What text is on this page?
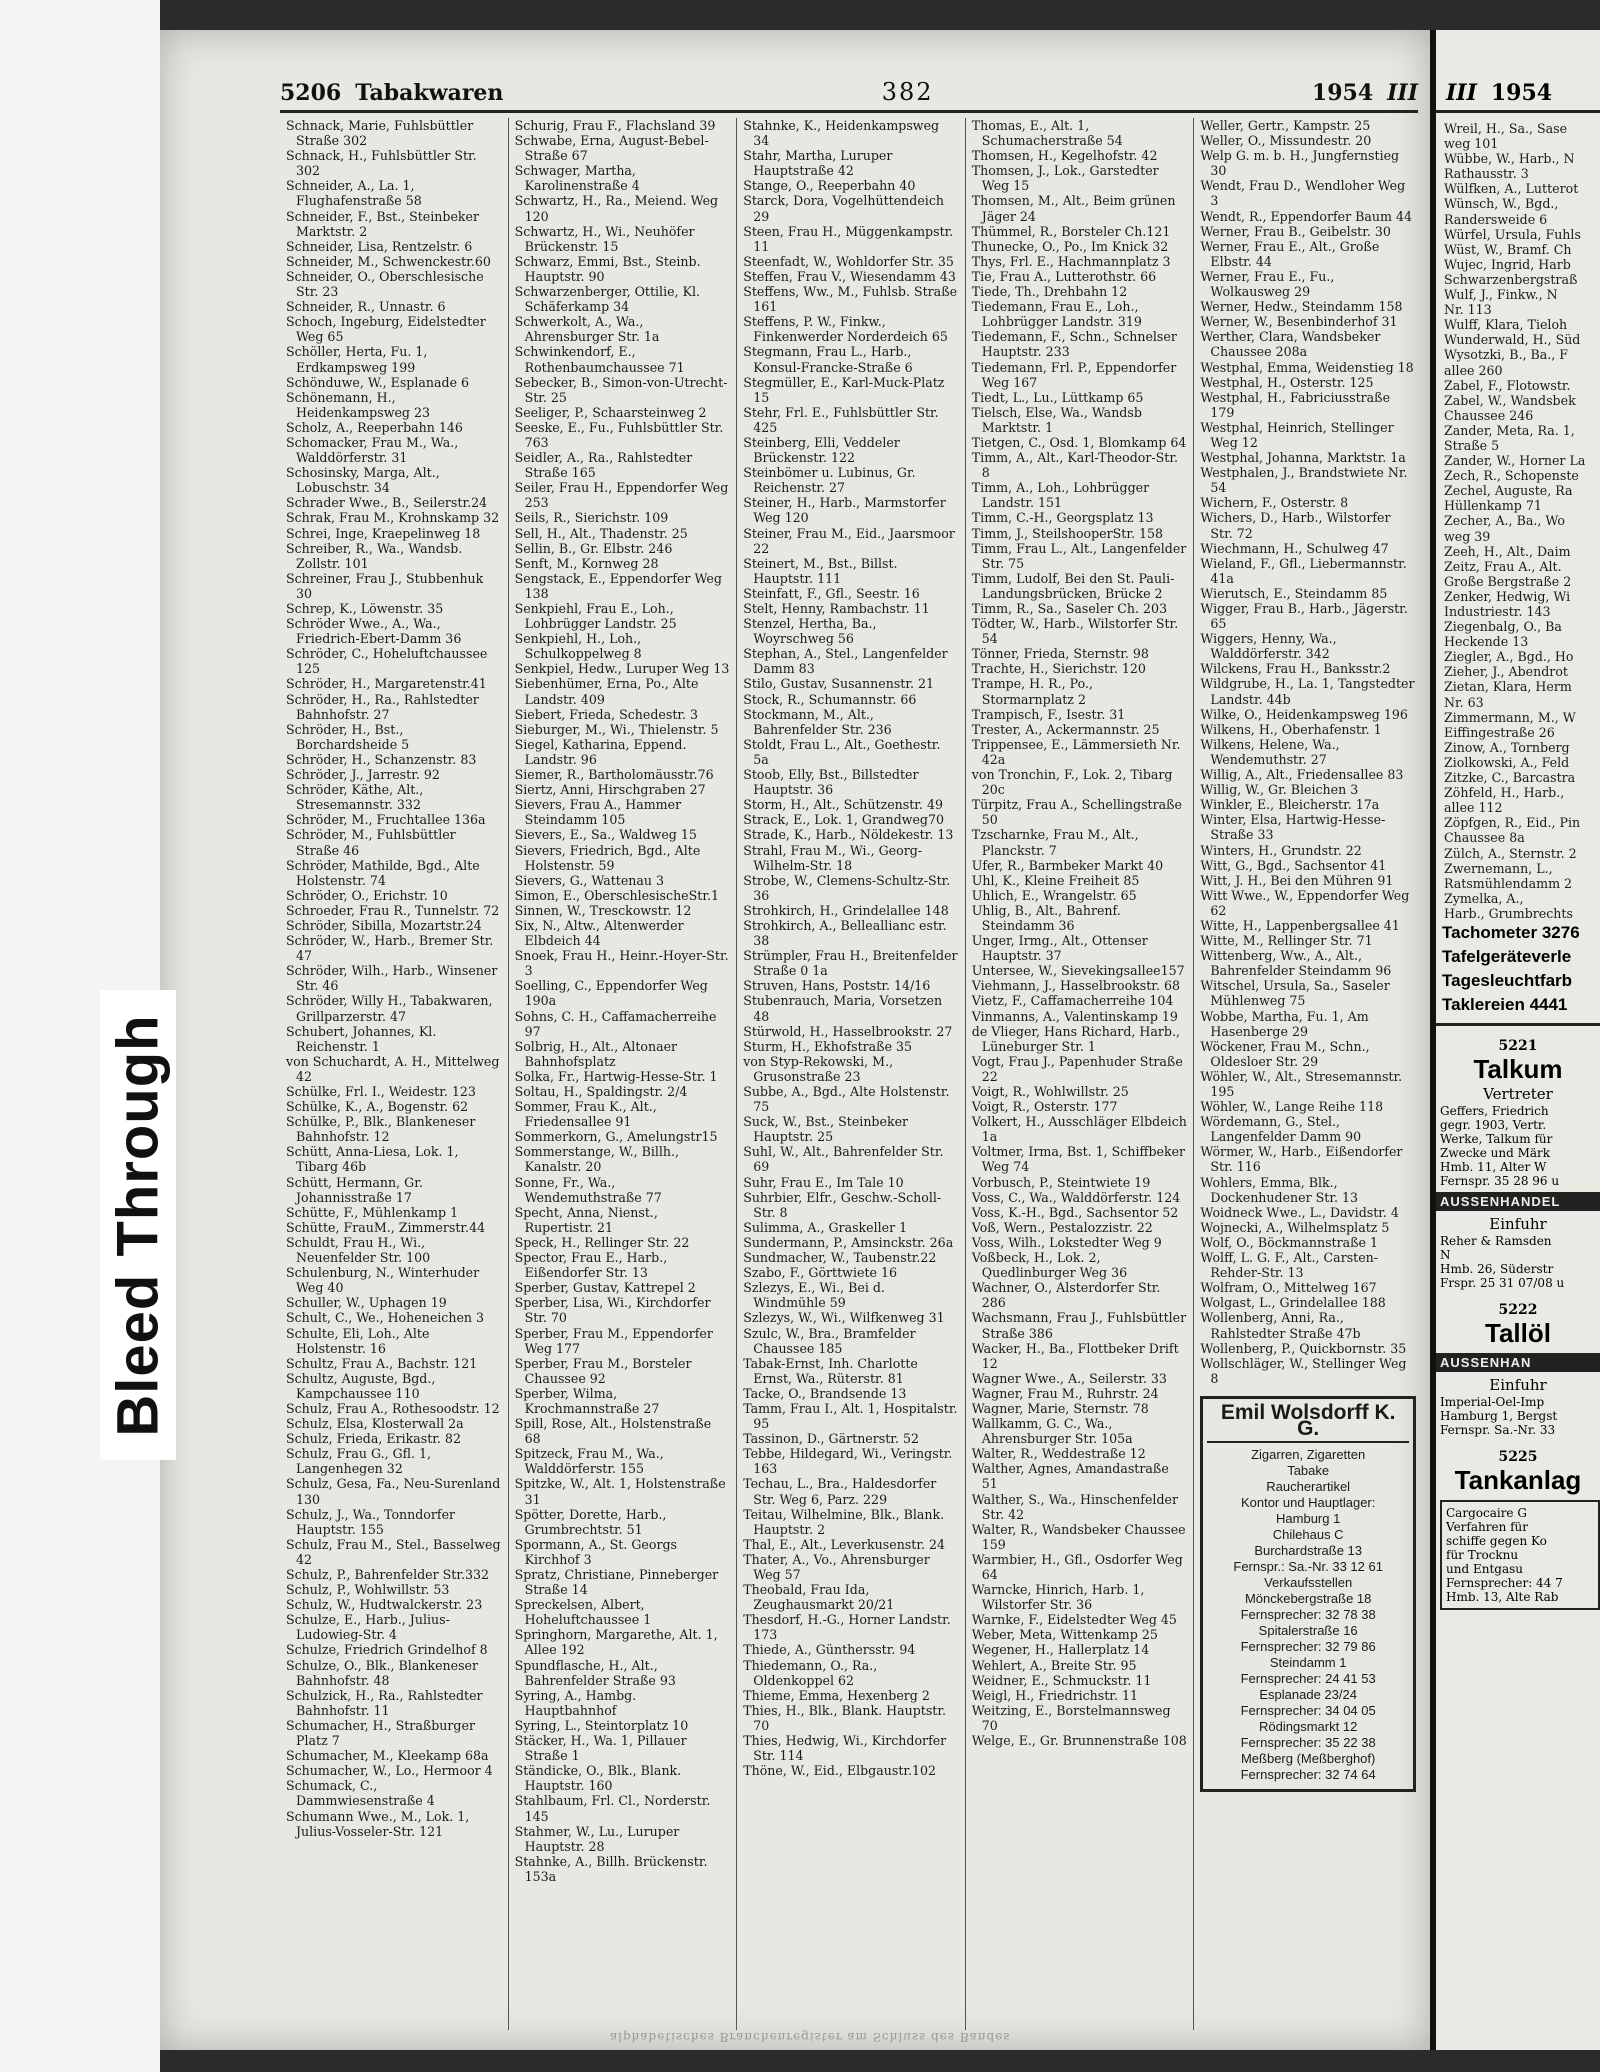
5206 Tabakwaren	382	1954 III
Schnack, Marie, Fuhlsbüttler Straße 302
Schnack, H., Fuhlsbüttler Str. 302
Schneider, A., La. 1, Flughafenstraße 58
Schneider, F., Bst., Steinbeker Marktstr. 2
Schneider, Lisa, Rentzelstr. 6
Schneider, M., Schwenckestr.60
Schneider, O., Oberschlesische Str. 23
Schneider, R., Unnastr. 6
Schoch, Ingeburg, Eidelstedter Weg 65
Schöller, Herta, Fu. 1, Erdkampsweg 199
Schönduwe, W., Esplanade 6
Schönemann, H., Heidenkampsweg 23
Scholz, A., Reeperbahn 146
Schomacker, Frau M., Wa., Walddörferstr. 31
Schosinsky, Marga, Alt., Lobuschstr. 34
Schrader Wwe., B., Seilerstr.24
Schrak, Frau M., Krohnskamp 32
Schrei, Inge, Kraepelinweg 18
Schreiber, R., Wa., Wandsb. Zollstr. 101
Schreiner, Frau J., Stubbenhuk 30
Schrep, K., Löwenstr. 35
Schröder Wwe., A., Wa., Friedrich-Ebert-Damm 36
Schröder, C., Hoheluftchaussee 125
Schröder, H., Margaretenstr.41
Schröder, H., Ra., Rahlstedter Bahnhofstr. 27
Schröder, H., Bst., Borchardsheide 5
Schröder, H., Schanzenstr. 83
Schröder, J., Jarrestr. 92
Schröder, Käthe, Alt., Stresemannstr. 332
Schröder, M., Fruchtallee 136a
Schröder, M., Fuhlsbüttler Straße 46
Schröder, Mathilde, Bgd., Alte Holstenstr. 74
Schröder, O., Erichstr. 10
Schroeder, Frau R., Tunnelstr. 72
Schröder, Sibilla, Mozartstr.24
Schröder, W., Harb., Bremer Str. 47
Schröder, Wilh., Harb., Winsener Str. 46
Schröder, Willy H., Tabakwaren, Grillparzerstr. 47
Schubert, Johannes, Kl. Reichenstr. 1
von Schuchardt, A. H., Mittelweg 42
Schülke, Frl. I., Weidestr. 123
Schülke, K., A., Bogenstr. 62
Schülke, P., Blk., Blankeneser Bahnhofstr. 12
Schütt, Anna-Liesa, Lok. 1, Tibarg 46b
Schütt, Hermann, Gr. Johannisstraße 17
Schütte, F., Mühlenkamp 1
Schütte, FrauM., Zimmerstr.44
Schuldt, Frau H., Wi., Neuenfelder Str. 100
Schulenburg, N., Winterhuder Weg 40
Schuller, W., Uphagen 19
Schult, C., We., Hoheneichen 3
Schulte, Eli, Loh., Alte Holstenstr. 16
Schultz, Frau A., Bachstr. 121
Schultz, Auguste, Bgd., Kampchaussee 110
Schulz, Frau A., Rothesoodstr. 12
Schulz, Elsa, Klosterwall 2a
Schulz, Frieda, Erikastr. 82
Schulz, Frau G., Gfl. 1, Langenhegen 32
Schulz, Gesa, Fa., Neu-Surenland 130
Schulz, J., Wa., Tonndorfer Hauptstr. 155
Schulz, Frau M., Stel., Basselweg 42
Schulz, P., Bahrenfelder Str.332
Schulz, P., Wohlwillstr. 53
Schulz, W., Hudtwalckerstr. 23
Schulze, E., Harb., Julius-Ludowieg-Str. 4
Schulze, Friedrich Grindelhof 8
Schulze, O., Blk., Blankeneser Bahnhofstr. 48
Schulzick, H., Ra., Rahlstedter Bahnhofstr. 11
Schumacher, H., Straßburger Platz 7
Schumacher, M., Kleekamp 68a
Schumacher, W., Lo., Hermoor 4
Schumack, C., Dammwiesenstraße 4
Schumann Wwe., M., Lok. 1, Julius-Vosseler-Str. 121
Schurig, Frau F., Flachsland 39
Schwabe, Erna, August-Bebel-Straße 67
Schwager, Martha, Karolinenstraße 4
Schwartz, H., Ra., Meiend. Weg 120
Schwartz, H., Wi., Neuhöfer Brückenstr. 15
Schwarz, Emmi, Bst., Steinb. Hauptstr. 90
Schwarzenberger, Ottilie, Kl. Schäferkamp 34
Schwerkolt, A., Wa., Ahrensburger Str. 1a
Schwinkendorf, E., Rothenbaumchaussee 71
Sebecker, B., Simon-von-Utrecht-Str. 25
Seeliger, P., Schaarsteinweg 2
Seeske, E., Fu., Fuhlsbüttler Str. 763
Seidler, A., Ra., Rahlstedter Straße 165
Seiler, Frau H., Eppendorfer Weg 253
Seils, R., Sierichstr. 109
Sell, H., Alt., Thadenstr. 25
Sellin, B., Gr. Elbstr. 246
Senft, M., Kornweg 28
Sengstack, E., Eppendorfer Weg 138
Senkpiehl, Frau E., Loh., Lohbrügger Landstr. 25
Senkpiehl, H., Loh., Schulkoppelweg 8
Senkpiel, Hedw., Luruper Weg 13
Siebenhümer, Erna, Po., Alte Landstr. 409
Siebert, Frieda, Schedestr. 3
Sieburger, M., Wi., Thielenstr. 5
Siegel, Katharina, Eppend. Landstr. 96
Siemer, R., Bartholomäusstr.76
Siertz, Anni, Hirschgraben 27
Sievers, Frau A., Hammer Steindamm 105
Sievers, E., Sa., Waldweg 15
Sievers, Friedrich, Bgd., Alte Holstenstr. 59
Sievers, G., Wattenau 3
Simon, E., OberschlesischeStr.1
Sinnen, W., Tresckowstr. 12
Six, N., Altw., Altenwerder Elbdeich 44
Snoek, Frau H., Heinr.-Hoyer-Str. 3
Soelling, C., Eppendorfer Weg 190a
Sohns, C. H., Caffamacherreihe 97
Solbrig, H., Alt., Altonaer Bahnhofsplatz
Solka, Fr., Hartwig-Hesse-Str. 1
Soltau, H., Spaldingstr. 2/4
Sommer, Frau K., Alt., Friedensallee 91
Sommerkorn, G., Amelungstr15
Sommerstange, W., Billh., Kanalstr. 20
Sonne, Fr., Wa., Wendemuthstraße 77
Specht, Anna, Nienst., Rupertistr. 21
Speck, H., Rellinger Str. 22
Spector, Frau E., Harb., Eißendorfer Str. 13
Sperber, Gustav, Kattrepel 2
Sperber, Lisa, Wi., Kirchdorfer Str. 70
Sperber, Frau M., Eppendorfer Weg 177
Sperber, Frau M., Borsteler Chaussee 92
Sperber, Wilma, Krochmannstraße 27
Spill, Rose, Alt., Holstenstraße 68
Spitzeck, Frau M., Wa., Walddörferstr. 155
Spitzke, W., Alt. 1, Holstenstraße 31
Spötter, Dorette, Harb., Grumbrechtstr. 51
Spormann, A., St. Georgs Kirchhof 3
Spratz, Christiane, Pinneberger Straße 14
Spreckelsen, Albert, Hoheluftchaussee 1
Springhorn, Margarethe, Alt. 1, Allee 192
Spundflasche, H., Alt., Bahrenfelder Straße 93
Syring, A., Hambg. Hauptbahnhof
Syring, L., Steintorplatz 10
Stäcker, H., Wa. 1, Pillauer Straße 1
Ständicke, O., Blk., Blank. Hauptstr. 160
Stahlbaum, Frl. Cl., Norderstr. 145
Stahmer, W., Lu., Luruper Hauptstr. 28
Stahnke, A., Billh. Brückenstr. 153a
Stahnke, K., Heidenkampsweg 34
Stahr, Martha, Luruper Hauptstraße 42
Stange, O., Reeperbahn 40
Starck, Dora, Vogelhüttendeich 29
Steen, Frau H., Müggenkampstr. 11
Steenfadt, W., Wohldorfer Str. 35
Steffen, Frau V., Wiesendamm 43
Steffens, Ww., M., Fuhlsb. Straße 161
Steffens, P. W., Finkw., Finkenwerder Norderdeich 65
Stegmann, Frau L., Harb., Konsul-Francke-Straße 6
Stegmüller, E., Karl-Muck-Platz 15
Stehr, Frl. E., Fuhlsbüttler Str. 425
Steinberg, Elli, Veddeler Brückenstr. 122
Steinbömer u. Lubinus, Gr. Reichenstr. 27
Steiner, H., Harb., Marmstorfer Weg 120
Steiner, Frau M., Eid., Jaarsmoor 22
Steinert, M., Bst., Billst. Hauptstr. 111
Steinfatt, F., Gfl., Seestr. 16
Stelt, Henny, Rambachstr. 11
Stenzel, Hertha, Ba., Woyrschweg 56
Stephan, A., Stel., Langenfelder Damm 83
Stilo, Gustav, Susannenstr. 21
Stock, R., Schumannstr. 66
Stockmann, M., Alt., Bahrenfelder Str. 236
Stoldt, Frau L., Alt., Goethestr. 5a
Stoob, Elly, Bst., Billstedter Hauptstr. 36
Storm, H., Alt., Schützenstr. 49
Strack, E., Lok. 1, Grandweg70
Strade, K., Harb., Nöldekestr. 13
Strahl, Frau M., Wi., Georg-Wilhelm-Str. 18
Strobe, W., Clemens-Schultz-Str. 36
Strohkirch, H., Grindelallee 148
Strohkirch, A., Belleallianc estr. 38
Strümpler, Frau H., Breitenfelder Straße 0 1a
Struven, Hans, Poststr. 14/16
Stubenrauch, Maria, Vorsetzen 48
Stürwold, H., Hasselbrookstr. 27
Sturm, H., Ekhofstraße 35
von Styp-Rekowski, M., Grusonstraße 23
Subbe, A., Bgd., Alte Holstenstr. 75
Suck, W., Bst., Steinbeker Hauptstr. 25
Suhl, W., Alt., Bahrenfelder Str. 69
Suhr, Frau E., Im Tale 10
Suhrbier, Elfr., Geschw.-Scholl-Str. 8
Sulimma, A., Graskeller 1
Sundermann, P., Amsinckstr. 26a
Sundmacher, W., Taubenstr.22
Szabo, F., Görttwiete 16
Szlezys, E., Wi., Bei d. Windmühle 59
Szlezys, W., Wi., Wilfkenweg 31
Szulc, W., Bra., Bramfelder Chaussee 185
Tabak-Ernst, Inh. Charlotte Ernst, Wa., Rüterstr. 81
Tacke, O., Brandsende 13
Tamm, Frau I., Alt. 1, Hospitalstr. 95
Tassinon, D., Gärtnerstr. 52
Tebbe, Hildegard, Wi., Veringstr. 163
Techau, L., Bra., Haldesdorfer Str. Weg 6, Parz. 229
Teitau, Wilhelmine, Blk., Blank. Hauptstr. 2
Thal, E., Alt., Leverkusenstr. 24
Thater, A., Vo., Ahrensburger Weg 57
Theobald, Frau Ida, Zeughausmarkt 20/21
Thesdorf, H.-G., Horner Landstr. 173
Thiede, A., Günthersstr. 94
Thiedemann, O., Ra., Oldenkoppel 62
Thieme, Emma, Hexenberg 2
Thies, H., Blk., Blank. Hauptstr. 70
Thies, Hedwig, Wi., Kirchdorfer Str. 114
Thöne, W., Eid., Elbgaustr.102
Thomas, E., Alt. 1, Schumacherstraße 54
Thomsen, H., Kegelhofstr. 42
Thomsen, J., Lok., Garstedter Weg 15
Thomsen, M., Alt., Beim grünen Jäger 24
Thümmel, R., Borsteler Ch.121
Thunecke, O., Po., Im Knick 32
Thys, Frl. E., Hachmannplatz 3
Tie, Frau A., Lutterothstr. 66
Tiede, Th., Drehbahn 12
Tiedemann, Frau E., Loh., Lohbrügger Landstr. 319
Tiedemann, F., Schn., Schnelser Hauptstr. 233
Tiedemann, Frl. P., Eppendorfer Weg 167
Tiedt, L., Lu., Lüttkamp 65
Tielsch, Else, Wa., Wandsb Marktstr. 1
Tietgen, C., Osd. 1, Blomkamp 64
Timm, A., Alt., Karl-Theodor-Str. 8
Timm, A., Loh., Lohbrügger Landstr. 151
Timm, C.-H., Georgsplatz 13
Timm, J., SteilshooperStr. 158
Timm, Frau L., Alt., Langenfelder Str. 75
Timm, Ludolf, Bei den St. Pauli-Landungsbrücken, Brücke 2
Timm, R., Sa., Saseler Ch. 203
Tödter, W., Harb., Wilstorfer Str. 54
Tönner, Frieda, Sternstr. 98
Trachte, H., Sierichstr. 120
Trampe, H. R., Po., Stormarnplatz 2
Trampisch, F., Isestr. 31
Trester, A., Ackermannstr. 25
Trippensee, E., Lämmersieth Nr. 42a
von Tronchin, F., Lok. 2, Tibarg 20c
Türpitz, Frau A., Schellingstraße 50
Tzscharnke, Frau M., Alt., Planckstr. 7
Ufer, R., Barmbeker Markt 40
Uhl, K., Kleine Freiheit 85
Uhlich, E., Wrangelstr. 65
Uhlig, B., Alt., Bahrenf. Steindamm 36
Unger, Irmg., Alt., Ottenser Hauptstr. 37
Untersee, W., Sievekingsallee157
Viehmann, J., Hasselbrookstr. 68
Vietz, F., Caffamacherreihe 104
Vinmanns, A., Valentinskamp 19
de Vlieger, Hans Richard, Harb., Lüneburger Str. 1
Vogt, Frau J., Papenhuder Straße 22
Voigt, R., Wohlwillstr. 25
Voigt, R., Osterstr. 177
Volkert, H., Ausschläger Elbdeich 1a
Voltmer, Irma, Bst. 1, Schiffbeker Weg 74
Vorbusch, P., Steintwiete 19
Voss, C., Wa., Walddörferstr. 124
Voss, K.-H., Bgd., Sachsentor 52
Voß, Wern., Pestalozzistr. 22
Voss, Wilh., Lokstedter Weg 9
Voßbeck, H., Lok. 2, Quedlinburger Weg 36
Wachner, O., Alsterdorfer Str. 286
Wachsmann, Frau J., Fuhlsbüttler Straße 386
Wacker, H., Ba., Flottbeker Drift 12
Wagner Wwe., A., Seilerstr. 33
Wagner, Frau M., Ruhrstr. 24
Wagner, Marie, Sternstr. 78
Wallkamm, G. C., Wa., Ahrensburger Str. 105a
Walter, R., Weddestraße 12
Walther, Agnes, Amandastraße 51
Walther, S., Wa., Hinschenfelder Str. 42
Walter, R., Wandsbeker Chaussee 159
Warmbier, H., Gfl., Osdorfer Weg 64
Warncke, Hinrich, Harb. 1, Wilstorfer Str. 36
Warnke, F., Eidelstedter Weg 45
Weber, Meta, Wittenkamp 25
Wegener, H., Hallerplatz 14
Wehlert, A., Breite Str. 95
Weidner, E., Schmuckstr. 11
Weigl, H., Friedrichstr. 11
Weitzing, E., Borstelmannsweg 70
Welge, E., Gr. Brunnenstraße 108
Weller, Gertr., Kampstr. 25
Weller, O., Missundestr. 20
Welp G. m. b. H., Jungfernstieg 30
Wendt, Frau D., Wendloher Weg 3
Wendt, R., Eppendorfer Baum 44
Werner, Frau B., Geibelstr. 30
Werner, Frau E., Alt., Große Elbstr. 44
Werner, Frau E., Fu., Wolkausweg 29
Werner, Hedw., Steindamm 158
Werner, W., Besenbinderhof 31
Werther, Clara, Wandsbeker Chaussee 208a
Westphal, Emma, Weidenstieg 18
Westphal, H., Osterstr. 125
Westphal, H., Fabriciusstraße 179
Westphal, Heinrich, Stellinger Weg 12
Westphal, Johanna, Marktstr. 1a
Westphalen, J., Brandstwiete Nr. 54
Wichern, F., Osterstr. 8
Wichers, D., Harb., Wilstorfer Str. 72
Wiechmann, H., Schulweg 47
Wieland, F., Gfl., Liebermannstr. 41a
Wierutsch, E., Steindamm 85
Wigger, Frau B., Harb., Jägerstr. 65
Wiggers, Henny, Wa., Walddörferstr. 342
Wilckens, Frau H., Banksstr.2
Wildgrube, H., La. 1, Tangstedter Landstr. 44b
Wilke, O., Heidenkampsweg 196
Wilkens, H., Oberhafenstr. 1
Wilkens, Helene, Wa., Wendemuthstr. 27
Willig, A., Alt., Friedensallee 83
Willig, W., Gr. Bleichen 3
Winkler, E., Bleicherstr. 17a
Winter, Elsa, Hartwig-Hesse-Straße 33
Winters, H., Grundstr. 22
Witt, G., Bgd., Sachsentor 41
Witt, J. H., Bei den Mühren 91
Witt Wwe., W., Eppendorfer Weg 62
Witte, H., Lappenbergsallee 41
Witte, M., Rellinger Str. 71
Wittenberg, Ww., A., Alt., Bahrenfelder Steindamm 96
Witschel, Ursula, Sa., Saseler Mühlenweg 75
Wobbe, Martha, Fu. 1, Am Hasenberge 29
Wöckener, Frau M., Schn., Oldesloer Str. 29
Wöhler, W., Alt., Stresemannstr. 195
Wöhler, W., Lange Reihe 118
Wördemann, G., Stel., Langenfelder Damm 90
Wörmer, W., Harb., Eißendorfer Str. 116
Wohlers, Emma, Blk., Dockenhudener Str. 13
Woidneck Wwe., L., Davidstr. 4
Wojnecki, A., Wilhelmsplatz 5
Wolf, O., Böckmannstraße 1
Wolff, L. G. F., Alt., Carsten-Rehder-Str. 13
Wolfram, O., Mittelweg 167
Wolgast, L., Grindelallee 188
Wollenberg, Anni, Ra., Rahlstedter Straße 47b
Wollenberg, P., Quickbornstr. 35
Wollschläger, W., Stellinger Weg 8
Emil Wolsdorff K. G.
Zigarren, Zigaretten
Tabake
Raucherartikel
Kontor und Hauptlager:
Hamburg 1
Chilehaus C
Burchardstraße 13
Fernspr.: Sa.-Nr. 33 12 61
Verkaufsstellen
Mönckebergstraße 18
Fernsprecher: 32 78 38
Spitalerstraße 16
Fernsprecher: 32 79 86
Steindamm 1
Fernsprecher: 24 41 53
Esplanade 23/24
Fernsprecher: 34 04 05
Rödingsmarkt 12
Fernsprecher: 35 22 38
Meßberg (Meßberghof)
Fernsprecher: 32 74 64
alphabetisches Branchenregister am Schluss des Bandes
III 1954
Wreil, H., Sa., Sase
weg 101
Wübbe, W., Harb., N
Rathausstr. 3
Wülfken, A., Lutterot
Wünsch, W., Bgd.,
Randersweide 6
Würfel, Ursula, Fuhls
Wüst, W., Bramf. Ch
Wujec, Ingrid, Harb
Schwarzenbergstraß
Wulf, J., Finkw., N
Nr. 113
Wulff, Klara, Tieloh
Wunderwald, H., Süd
Wysotzki, B., Ba., F
allee 260
Zabel, F., Flotowstr.
Zabel, W., Wandsbek
Chaussee 246
Zander, Meta, Ra. 1,
Straße 5
Zander, W., Horner La
Zech, R., Schopenste
Zechel, Auguste, Ra
Hüllenkamp 71
Zecher, A., Ba., Wo
weg 39
Zeeh, H., Alt., Daim
Zeitz, Frau A., Alt.
Große Bergstraße 2
Zenker, Hedwig, Wi
Industriestr. 143
Ziegenbalg, O., Ba
Heckende 13
Ziegler, A., Bgd., Ho
Zieher, J., Abendrot
Zietan, Klara, Herm
Nr. 63
Zimmermann, M., W
Eiffingestraße 26
Zinow, A., Tornberg
Ziolkowski, A., Feld
Zitzke, C., Barcastra
Zöhfeld, H., Harb.,
allee 112
Zöpfgen, R., Eid., Pin
Chaussee 8a
Zülch, A., Sternstr. 2
Zwernemann, L.,
Ratsmühlendamm 2
Zymelka, A.,
Harb., Grumbrechts
Tachometer 3276
Tafelgeräteverle
Tagesleuchtfarb
Taklereien 4441
5221
Talkum
Vertreter
Geffers, Friedrich
gegr. 1903, Vertr.
Werke, Talkum für
Zwecke und Märk
Hmb. 11, Alter W
Fernspr. 35 28 96 u
AUSSENHANDEL
Einfuhr
Reher & Ramsden
N
Hmb. 26, Süderstr
Frspr. 25 31 07/08 u
5222
Tallöl
AUSSENHAN
Einfuhr
Imperial-Oel-Imp
Hamburg 1, Bergst
Fernspr. Sa.-Nr. 33
5225
Tankanlag
Cargocaire G
Verfahren für
schiffe gegen Ko
für Trocknu
und Entgasu
Fernsprecher: 44 7
Hmb. 13, Alte Rab
Bleed Through
